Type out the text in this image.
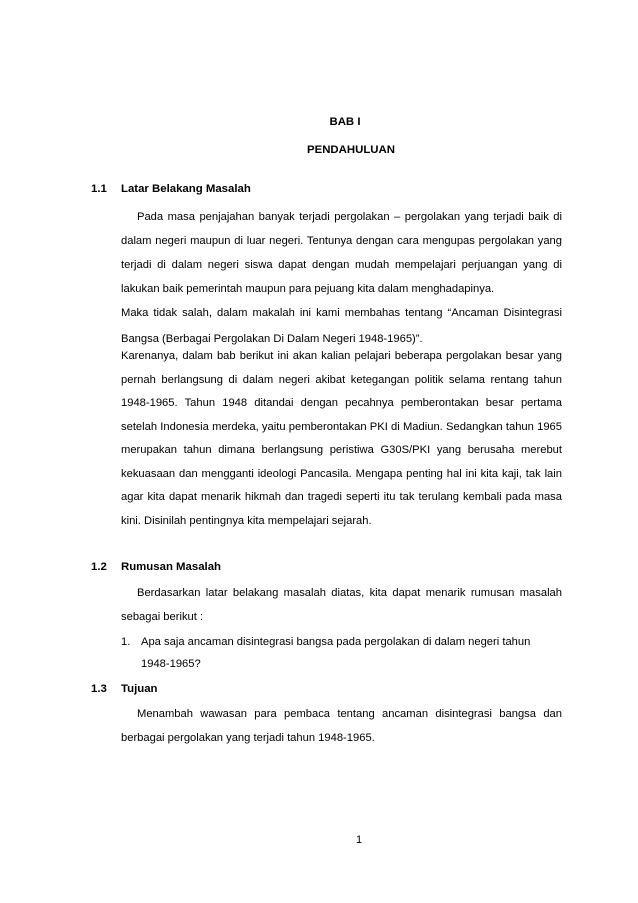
BAB I
PENDAHULUAN
1.1 Latar Belakang Masalah

Pada masa penjajahan banyak terjadi pergolakan – pergolakan yang terjadi baik di dalam negeri maupun di luar negeri. Tentunya dengan cara mengupas pergolakan yang terjadi di dalam negeri siswa dapat dengan mudah mempelajari perjuangan yang di lakukan baik pemerintah maupun para pejuang kita dalam menghadapinya.

Maka tidak salah, dalam makalah ini kami membahas tentang “Ancaman Disintegrasi Bangsa (Berbagai Pergolakan Di Dalam Negeri 1948-1965)”.

Karenanya, dalam bab berikut ini akan kalian pelajari beberapa pergolakan besar yang pernah berlangsung di dalam negeri akibat ketegangan politik selama rentang tahun 1948-1965. Tahun 1948 ditandai dengan pecahnya pemberontakan besar pertama setelah Indonesia merdeka, yaitu pemberontakan PKI di Madiun. Sedangkan tahun 1965 merupakan tahun dimana berlangsung peristiwa G30S/PKI yang berusaha merebut kekuasaan dan mengganti ideologi Pancasila. Mengapa penting hal ini kita kaji, tak lain agar kita dapat menarik hikmah dan tragedi seperti itu tak terulang kembali pada masa kini. Disinilah pentingnya kita mempelajari sejarah.

1.2 Rumusan Masalah

Berdasarkan latar belakang masalah diatas, kita dapat menarik rumusan masalah sebagai berikut :

1. Apa saja ancaman disintegrasi bangsa pada pergolakan di dalam negeri tahun
1948-1965?
1.3 Tujuan

Menambah wawasan para pembaca tentang ancaman disintegrasi bangsa dan berbagai pergolakan yang terjadi tahun 1948-1965.

1
